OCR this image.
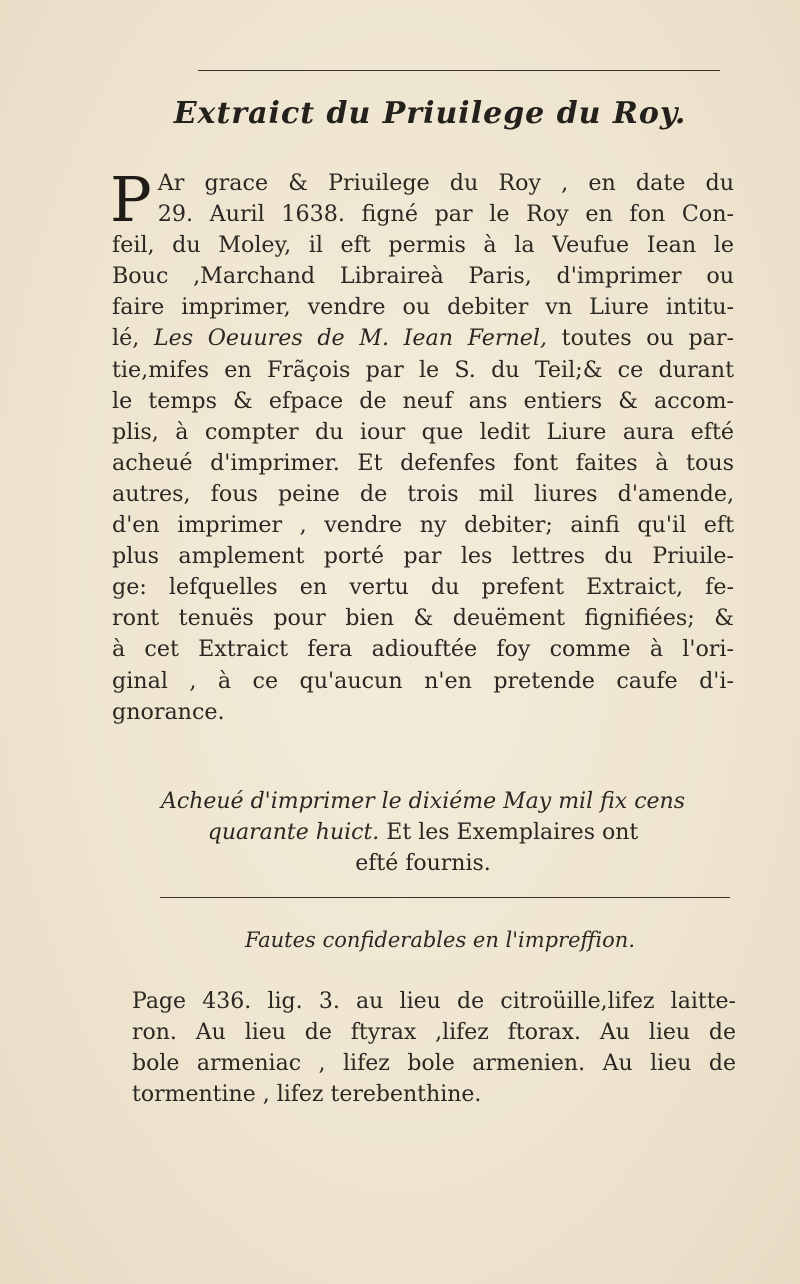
Extraict du Priuilege du Roy.
P Ar grace & Priuilege du Roy , en date du
29. Auril 1638. figné par le Roy en fon Con-
feil, du Moley, il eft permis à la Veufue Iean le
Bouc ,Marchand Libraireà Paris, d'imprimer ou
faire imprimer, vendre ou debiter vn Liure intitu-
lé, Les Oeuures de M. Iean Fernel, toutes ou par-
tie,mifes en Frãçois par le S. du Teil;& ce durant
le temps & efpace de neuf ans entiers & accom-
plis, à compter du iour que ledit Liure aura efté
acheué d'imprimer. Et defenfes font faites à tous
autres, fous peine de trois mil liures d'amende,
d'en imprimer , vendre ny debiter; ainfi qu'il eft
plus amplement porté par les lettres du Priuile-
ge: lefquelles en vertu du prefent Extraict, fe-
ront tenuës pour bien & deuëment fignifiées; &
à cet Extraict fera adiouftée foy comme à l'ori-
ginal , à ce qu'aucun n'en pretende caufe d'i-
gnorance.
Acheué d'imprimer le dixiéme May mil fix cens
quarante huict. Et les Exemplaires ont
efté fournis.
Fautes confiderables en l'impreffion.
Page 436. lig. 3. au lieu de citroüille,lifez laitte-
ron. Au lieu de ftyrax ,lifez ftorax. Au lieu de
bole armeniac , lifez bole armenien. Au lieu de
tormentine , lifez terebenthine.
